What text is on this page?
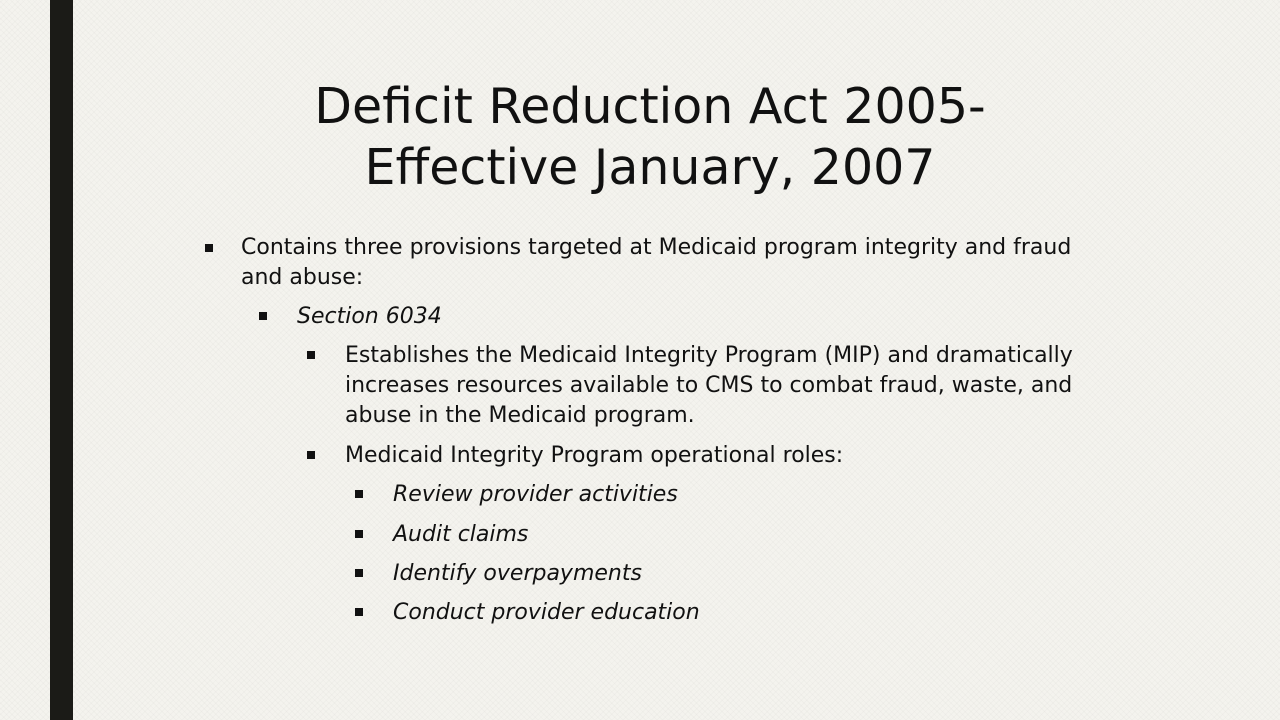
Deficit Reduction Act 2005-
Effective January, 2007
Contains three provisions targeted at Medicaid program integrity and fraud
and abuse:
Section 6034
Establishes the Medicaid Integrity Program (MIP) and dramatically
increases resources available to CMS to combat fraud, waste, and
abuse in the Medicaid program.
Medicaid Integrity Program operational roles:
Review provider activities
Audit claims
Identify overpayments
Conduct provider education
